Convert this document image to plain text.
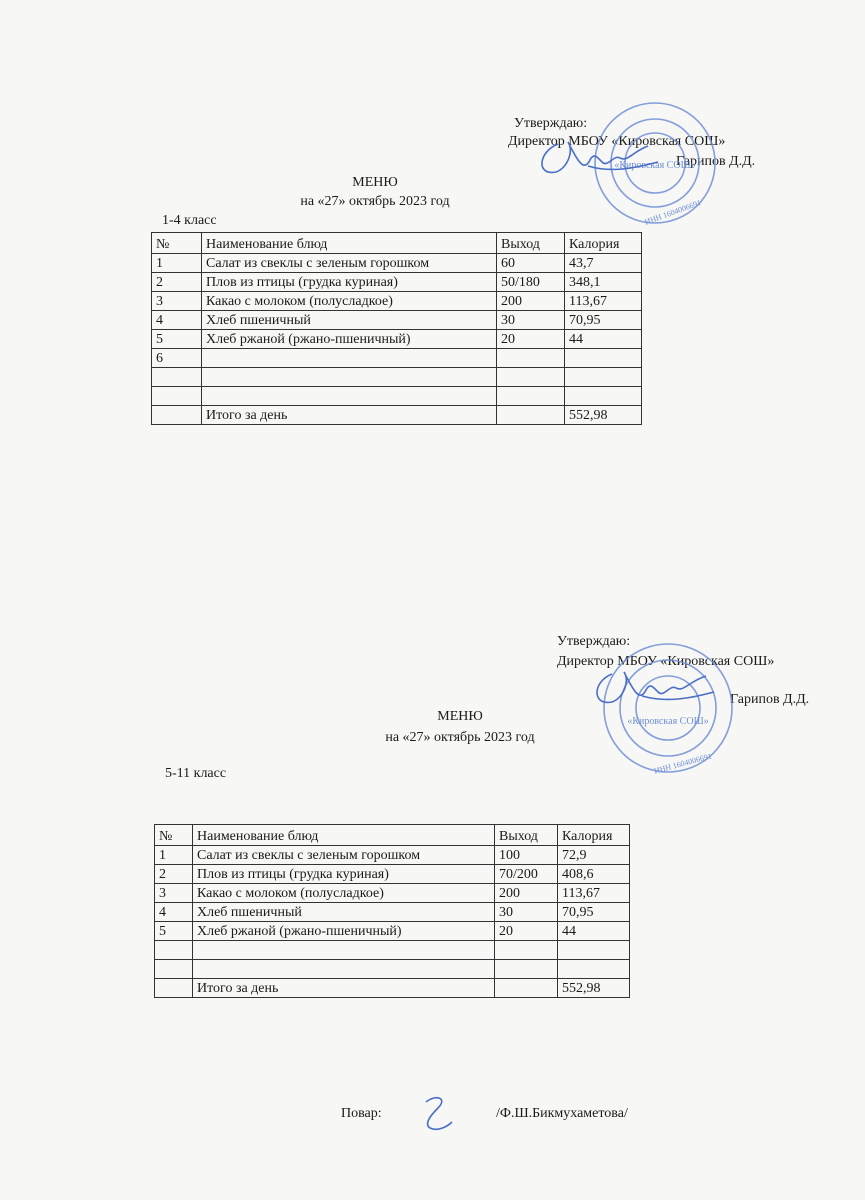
Утверждаю:
Директор МБОУ «Кировская СОШ»
Гарипов Д.Д.
«Кировская СОШ»
ИНН 1604006691
МЕНЮ
на «27» октябрь 2023 год
1-4 класс
№	Наименование блюд	Выход	Калория
1	Салат из свеклы с зеленым горошком	60	43,7
2	Плов из птицы (грудка куриная)	50/180	348,1
3	Какао с молоком (полусладкое)	200	113,67
4	Хлеб пшеничный	30	70,95
5	Хлеб ржаной (ржано-пшеничный)	20	44
6			

	Итого за день		552,98
Утверждаю:
Директор МБОУ «Кировская СОШ»
Гарипов Д.Д.
«Кировская СОШ»
ИНН 1604006691
МЕНЮ
на «27» октябрь 2023 год
5-11 класс
№	Наименование блюд	Выход	Калория
1	Салат из свеклы с зеленым горошком	100	72,9
2	Плов из птицы (грудка куриная)	70/200	408,6
3	Какао с молоком (полусладкое)	200	113,67
4	Хлеб пшеничный	30	70,95
5	Хлеб ржаной (ржано-пшеничный)	20	44

	Итого за день		552,98
Повар:	/Ф.Ш.Бикмухаметова/
